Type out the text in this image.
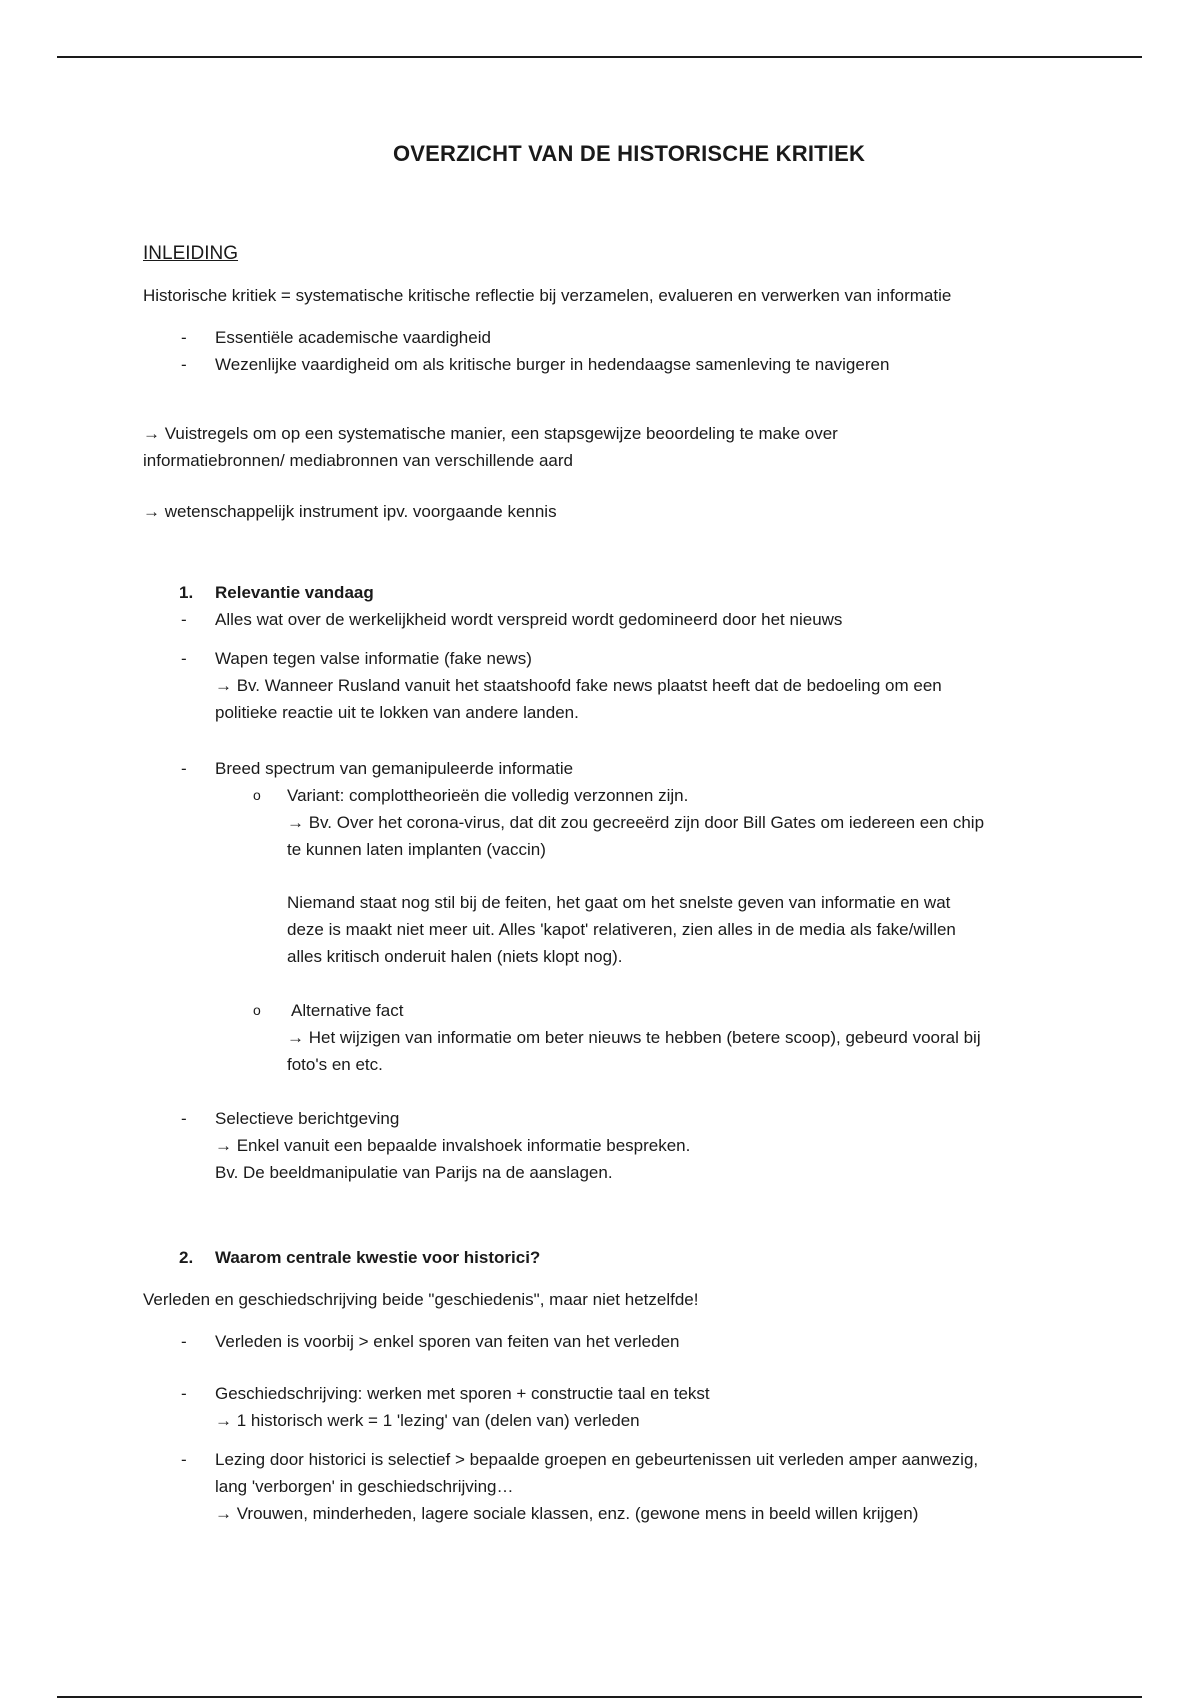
OVERZICHT VAN DE HISTORISCHE KRITIEK
INLEIDING

Historische kritiek = systematische kritische reflectie bij verzamelen, evalueren en verwerken van informatie

- Essentiële academische vaardigheid
- Wezenlijke vaardigheid om als kritische burger in hedendaagse samenleving te navigeren

→ Vuistregels om op een systematische manier, een stapsgewijze beoordeling te make over
informatiebronnen/ mediabronnen van verschillende aard

→ wetenschappelijk instrument ipv. voorgaande kennis

1. Relevantie vandaag
- Alles wat over de werkelijkheid wordt verspreid wordt gedomineerd door het nieuws
- Wapen tegen valse informatie (fake news)
→ Bv. Wanneer Rusland vanuit het staatshoofd fake news plaatst heeft dat de bedoeling om een
politieke reactie uit te lokken van andere landen.
- Breed spectrum van gemanipuleerde informatie
o Variant: complottheorieën die volledig verzonnen zijn.
→ Bv. Over het corona-virus, dat dit zou gecreeërd zijn door Bill Gates om iedereen een chip
te kunnen laten implanten (vaccin)
Niemand staat nog stil bij de feiten, het gaat om het snelste geven van informatie en wat
deze is maakt niet meer uit. Alles 'kapot' relativeren, zien alles in de media als fake/willen
alles kritisch onderuit halen (niets klopt nog).
o Alternative fact
→ Het wijzigen van informatie om beter nieuws te hebben (betere scoop), gebeurd vooral bij
foto's en etc.
- Selectieve berichtgeving
→ Enkel vanuit een bepaalde invalshoek informatie bespreken.
Bv. De beeldmanipulatie van Parijs na de aanslagen.
2. Waarom centrale kwestie voor historici?

Verleden en geschiedschrijving beide "geschiedenis", maar niet hetzelfde!

- Verleden is voorbij > enkel sporen van feiten van het verleden
- Geschiedschrijving: werken met sporen + constructie taal en tekst
→ 1 historisch werk = 1 'lezing' van (delen van) verleden
- Lezing door historici is selectief > bepaalde groepen en gebeurtenissen uit verleden amper aanwezig,
lang 'verborgen' in geschiedschrijving…
→ Vrouwen, minderheden, lagere sociale klassen, enz. (gewone mens in beeld willen krijgen)
